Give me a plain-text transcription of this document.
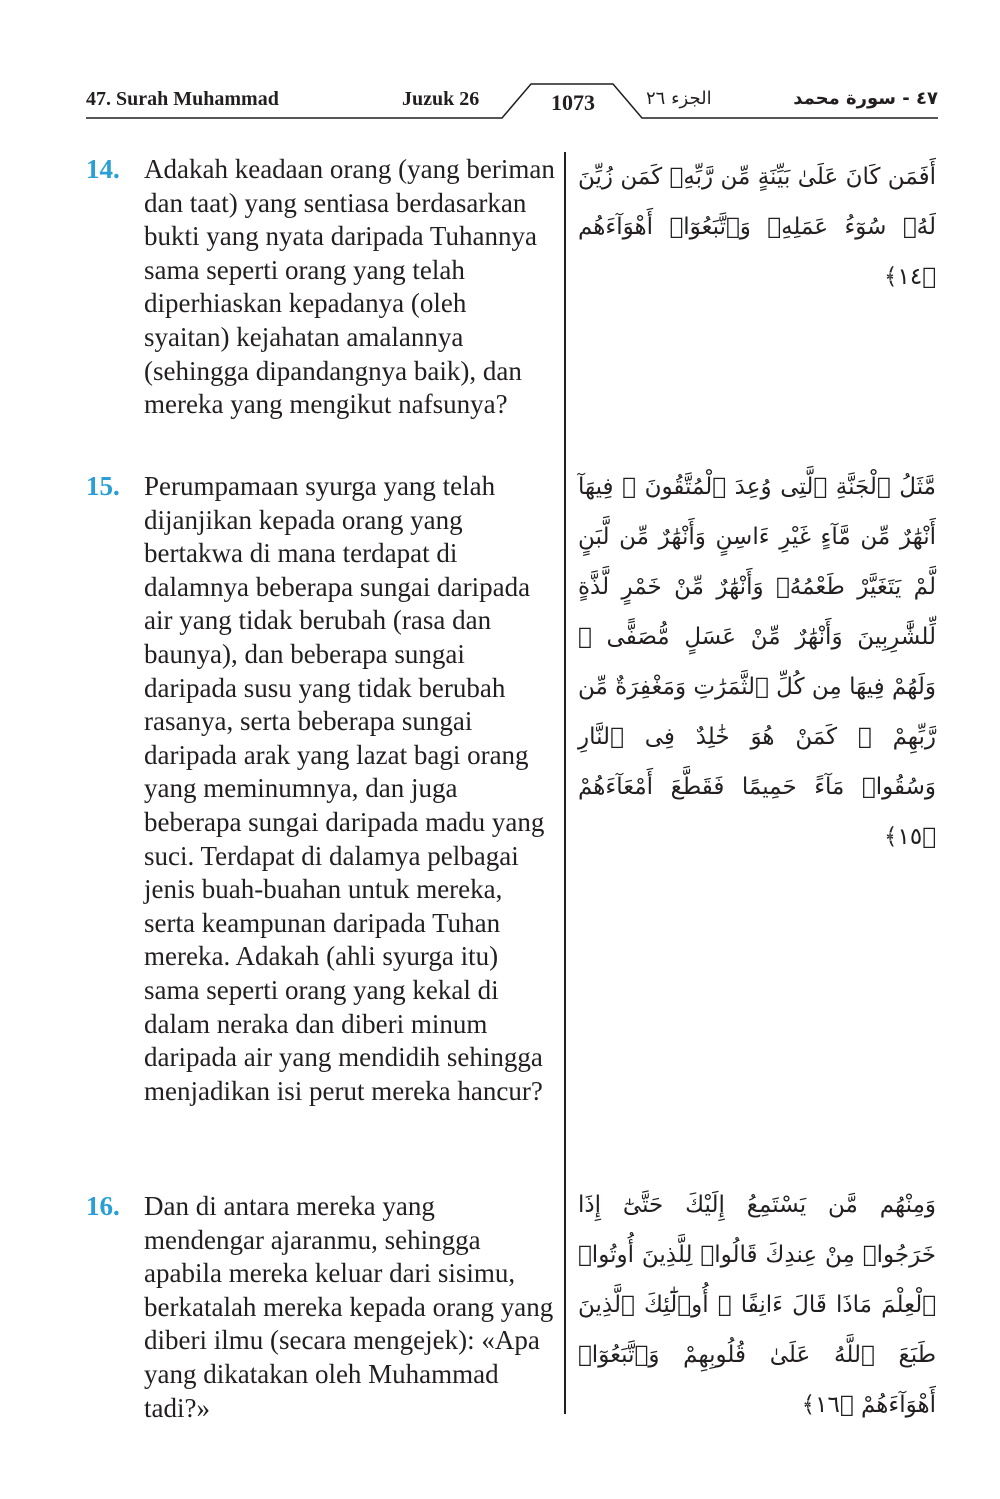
47. Surah Muhammad	Juzuk 26	1073	الجزء ٢٦	٤٧ - سورة محمد
14. Adakah keadaan orang (yang beriman dan taat) yang sentiasa berdasarkan bukti yang nyata daripada Tuhannya sama seperti orang yang telah diperhiaskan kepadanya (oleh syaitan) kejahatan amalannya (sehingga dipandangnya baik), dan mereka yang mengikut nafsunya?
أَفَمَن كَانَ عَلَىٰ بَيِّنَةٍ مِّن رَّبِّهِۦ كَمَن زُيِّنَ لَهُۥ سُوٓءُ عَمَلِهِۦ وَٱتَّبَعُوٓا۟ أَهْوَآءَهُم ﴿١٤﴾
15. Perumpamaan syurga yang telah dijanjikan kepada orang yang bertakwa di mana terdapat di dalamnya beberapa sungai daripada air yang tidak berubah (rasa dan baunya), dan beberapa sungai daripada susu yang tidak berubah rasanya, serta beberapa sungai daripada arak yang lazat bagi orang yang meminumnya, dan juga beberapa sungai daripada madu yang suci. Terdapat di dalamya pelbagai jenis buah-buahan untuk mereka, serta keampunan daripada Tuhan mereka. Adakah (ahli syurga itu) sama seperti orang yang kekal di dalam neraka dan diberi minum daripada air yang mendidih sehingga menjadikan isi perut mereka hancur?
مَّثَلُ ٱلْجَنَّةِ ٱلَّتِى وُعِدَ ٱلْمُتَّقُونَ ۖ فِيهَآ أَنْهَٰرٌ مِّن مَّآءٍ غَيْرِ ءَاسِنٍ وَأَنْهَٰرٌ مِّن لَّبَنٍ لَّمْ يَتَغَيَّرْ طَعْمُهُۥ وَأَنْهَٰرٌ مِّنْ خَمْرٍ لَّذَّةٍ لِّلشَّٰرِبِينَ وَأَنْهَٰرٌ مِّنْ عَسَلٍ مُّصَفًّى ۖ وَلَهُمْ فِيهَا مِن كُلِّ ٱلثَّمَرَٰتِ وَمَغْفِرَةٌ مِّن رَّبِّهِمْ ۖ كَمَنْ هُوَ خَٰلِدٌ فِى ٱلنَّارِ وَسُقُوا۟ مَآءً حَمِيمًا فَقَطَّعَ أَمْعَآءَهُمْ ﴿١٥﴾
16. Dan di antara mereka yang mendengar ajaranmu, sehingga apabila mereka keluar dari sisimu, berkatalah mereka kepada orang yang diberi ilmu (secara mengejek): «Apa yang dikatakan oleh Muhammad tadi?»
وَمِنْهُم مَّن يَسْتَمِعُ إِلَيْكَ حَتَّىٰٓ إِذَا خَرَجُوا۟ مِنْ عِندِكَ قَالُوا۟ لِلَّذِينَ أُوتُوا۟ ٱلْعِلْمَ مَاذَا قَالَ ءَانِفًا ۚ أُو۟لَٰٓئِكَ ٱلَّذِينَ طَبَعَ ٱللَّهُ عَلَىٰ قُلُوبِهِمْ وَٱتَّبَعُوٓا۟ أَهْوَآءَهُمْ ﴿١٦﴾
